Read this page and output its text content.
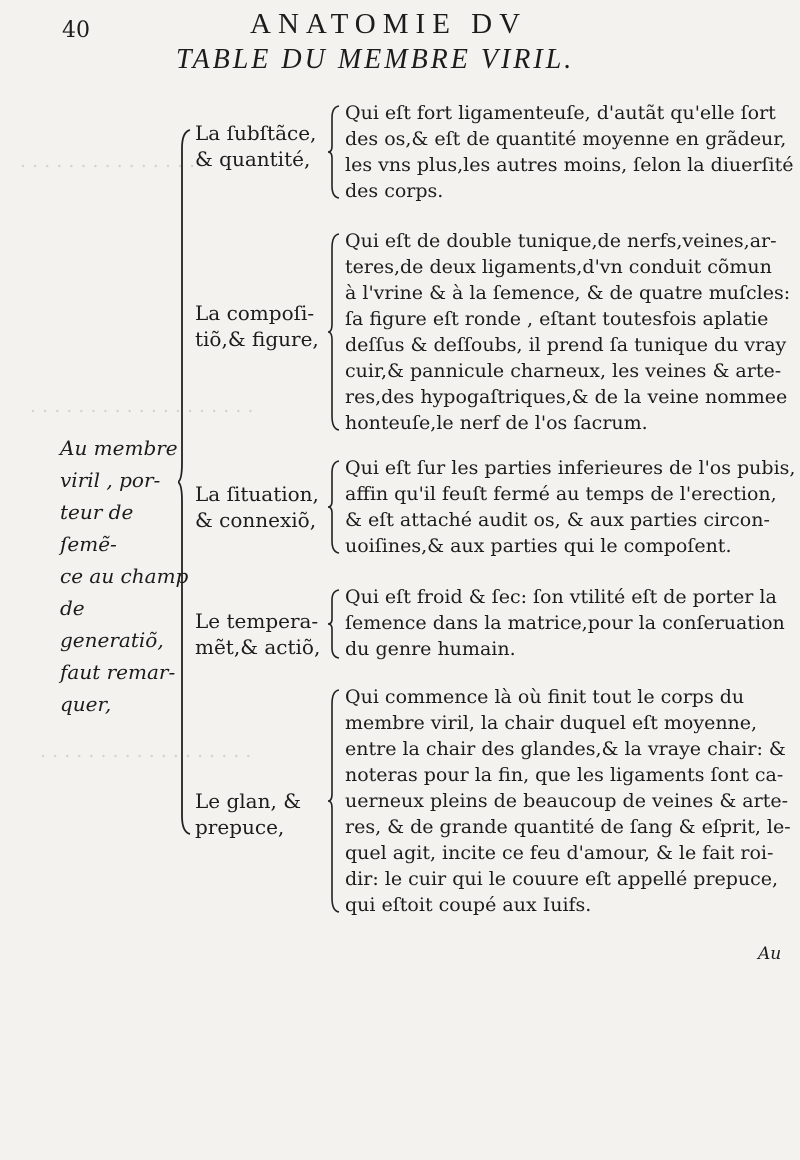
. . . . . . . . . . . . . . .
. . . . . . . . . . . . . . . . . . .
. . . . . . . . . . . . . . . . . .
40	ANATOMIE DV
TABLE DU MEMBRE VIRIL.
Au membre
viril , por-
teur de ſemẽ-
ce au champ
de generatiõ,
faut remar-
quer,
La ſubſtãce,
& quantité,
Qui eſt fort ligamenteuſe, d'autãt qu'elle ſort
des os,& eſt de quantité moyenne en grãdeur,
les vns plus,les autres moins, ſelon la diuerſité
des corps.
La compoſi-
tiõ,& figure,
Qui eſt de double tunique,de nerfs,veines,ar-
teres,de deux ligaments,d'vn conduit cõmun
à l'vrine & à la ſemence, & de quatre muſcles:
ſa figure eſt ronde , eſtant toutesfois aplatie
deſſus & deſſoubs, il prend ſa tunique du vray
cuir,& pannicule charneux, les veines & arte-
res,des hypogaſtriques,& de la veine nommee
honteuſe,le nerf de l'os ſacrum.
La ſituation,
& connexiõ,
Qui eſt ſur les parties inferieures de l'os pubis,
affin qu'il feuſt fermé au temps de l'erection,
& eſt attaché audit os, & aux parties circon-
uoiſines,& aux parties qui le compoſent.
Le tempera-
mẽt,& actiõ,
Qui eſt froid & ſec: ſon vtilité eſt de porter la
ſemence dans la matrice,pour la conſeruation
du genre humain.
Le glan, &
prepuce,
Qui commence là où finit tout le corps du
membre viril, la chair duquel eſt moyenne,
entre la chair des glandes,& la vraye chair: &
noteras pour la fin, que les ligaments ſont ca-
uerneux pleins de beaucoup de veines & arte-
res, & de grande quantité de ſang & eſprit, le-
quel agit, incite ce feu d'amour, & le fait roi-
dir: le cuir qui le couure eſt appellé prepuce,
qui eſtoit coupé aux Iuifs.
Au
